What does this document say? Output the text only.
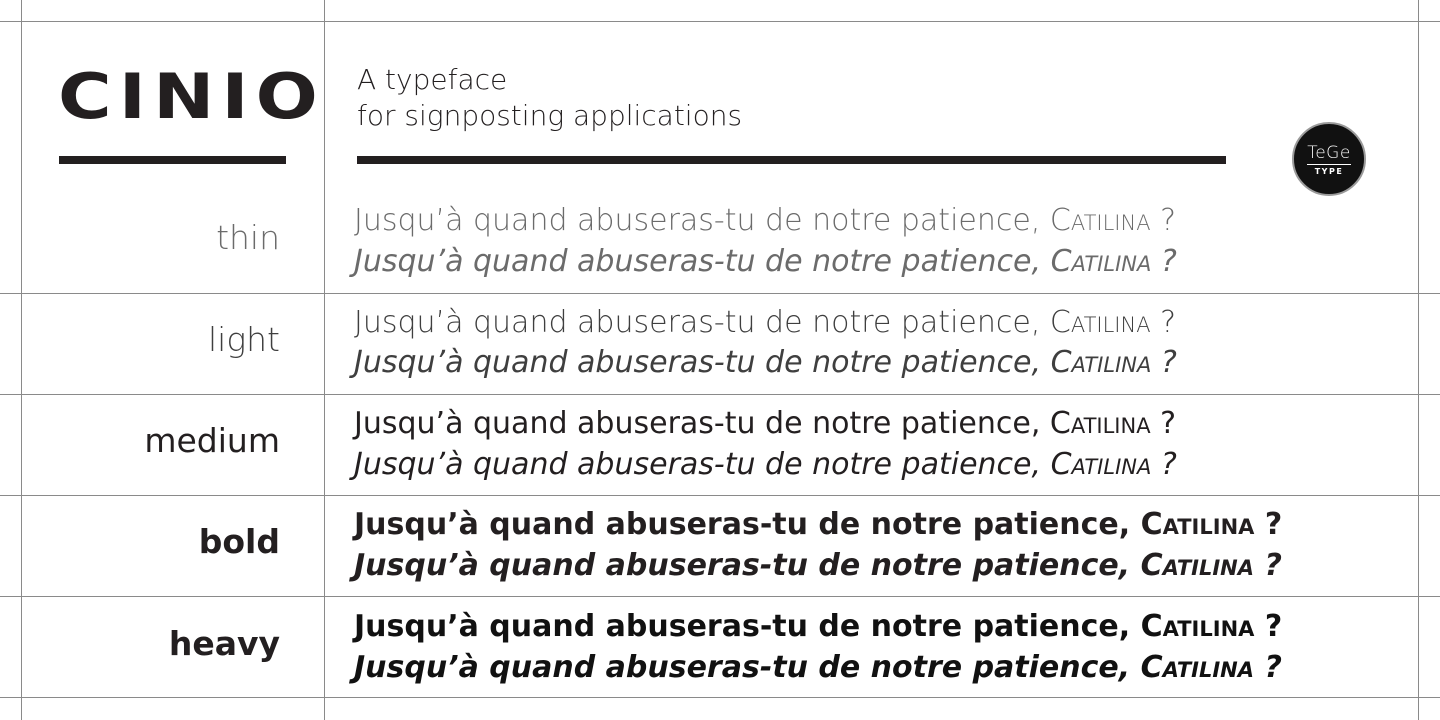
CINIO A typeface
for signposting applications
TeGe
TYPE
thin Jusqu’à quand abuseras-tu de notre patience, Catilina ?
Jusqu’à quand abuseras-tu de notre patience, Catilina ?
light Jusqu’à quand abuseras-tu de notre patience, Catilina ?
Jusqu’à quand abuseras-tu de notre patience, Catilina ?
medium Jusqu’à quand abuseras-tu de notre patience, Catilina ?
Jusqu’à quand abuseras-tu de notre patience, Catilina ?
bold Jusqu’à quand abuseras-tu de notre patience, Catilina ?
Jusqu’à quand abuseras-tu de notre patience, Catilina ?
heavy Jusqu’à quand abuseras-tu de notre patience, Catilina ?
Jusqu’à quand abuseras-tu de notre patience, Catilina ?
